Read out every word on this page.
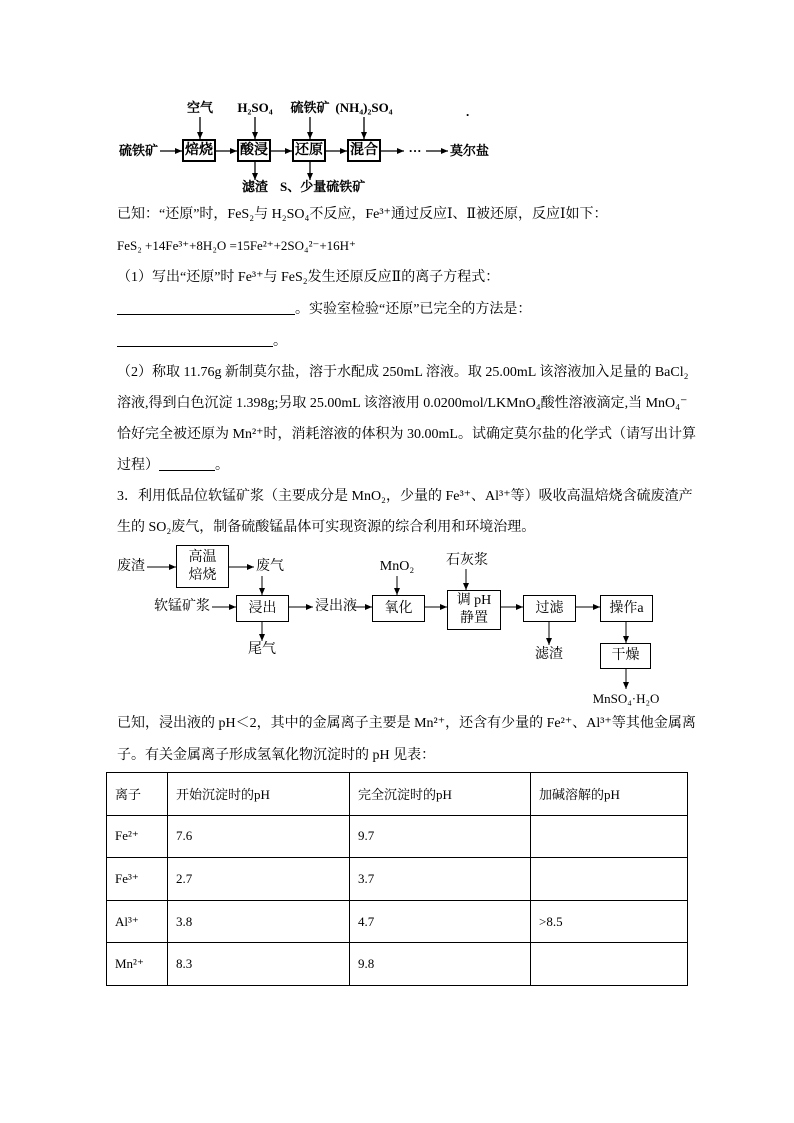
空气	H₂SO₄	硫铁矿 (NH₄)₂SO₄	.
硫铁矿 焙烧 酸浸 还原 混合	···	莫尔盐
滤渣 S、少量硫铁矿
已知：“还原”时，FeS₂与 H₂SO₄不反应，Fe³⁺通过反应Ⅰ、Ⅱ被还原，反应Ⅰ如下：
FeS₂ +14Fe³⁺+8H₂O =15Fe²⁺+2SO₄²⁻+16H⁺
（1）写出“还原”时 Fe³⁺与 FeS₂发生还原反应Ⅱ的离子方程式：
。实验室检验“还原”已完全的方法是：
。
（2）称取 11.76g 新制莫尔盐，溶于水配成 250mL 溶液。取 25.00mL 该溶液加入足量的 BaCl₂
溶液,得到白色沉淀 1.398g;另取 25.00mL 该溶液用 0.0200mol/LKMnO₄酸性溶液滴定,当 MnO₄⁻
恰好完全被还原为 Mn²⁺时，消耗溶液的体积为 30.00mL。试确定莫尔盐的化学式（请写出计算
过程）	。
3．利用低品位软锰矿浆（主要成分是 MnO₂，少量的 Fe³⁺、Al³⁺等）吸收高温焙烧含硫废渣产
生的 SO₂废气，制备硫酸锰晶体可实现资源的综合利用和环境治理。
废渣
高温
焙烧
废气	MnO₂	石灰浆
软锰矿浆	浸出	浸出液	氧化	调 pH
静置
过滤	操作a
尾气	滤渣	干燥
MnSO₄·H₂O
已知，浸出液的 pH＜2，其中的金属离子主要是 Mn²⁺，还含有少量的 Fe²⁺、Al³⁺等其他金属离
子。有关金属离子形成氢氧化物沉淀时的 pH 见表：
离子	开始沉淀时的pH	完全沉淀时的pH	加碱溶解的pH
Fe²⁺	7.6	9.7	
Fe³⁺	2.7	3.7	
Al³⁺	3.8	4.7	>8.5
Mn²⁺	8.3	9.8	
